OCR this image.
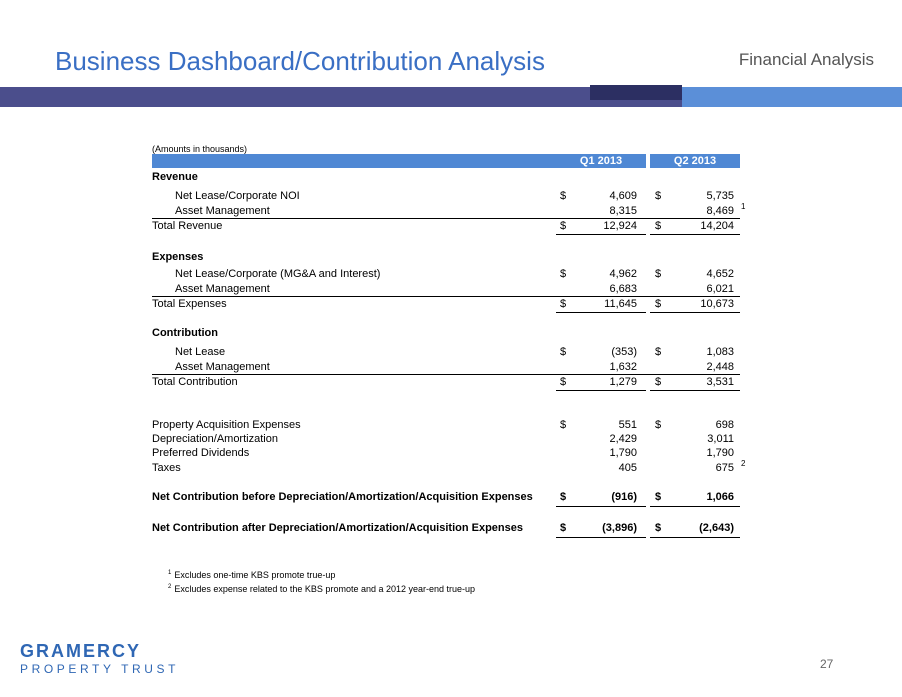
Business Dashboard/Contribution Analysis	Financial Analysis
(Amounts in thousands)
Q1 2013	Q2 2013
Revenue
Net Lease/Corporate NOI	$	4,609 $	5,735
Asset Management	8,315	8,469 1
Total Revenue	$	12,924 $	14,204
Expenses
Net Lease/Corporate (MG&A and Interest)	$	4,962 $	4,652
Asset Management	6,683	6,021
Total Expenses	$	11,645 $	10,673
Contribution
Net Lease	$	(353) $	1,083
Asset Management	1,632	2,448
Total Contribution	$	1,279 $	3,531
Property Acquisition Expenses	$	551 $	698
Depreciation/Amortization	2,429	3,011
Preferred Dividends	1,790	1,790
Taxes	405	675 2
Net Contribution before Depreciation/Amortization/Acquisition Expenses $	(916) $	1,066
Net Contribution after Depreciation/Amortization/Acquisition Expenses	$	(3,896) $	(2,643)
$^1$ Excludes one-time KBS promote true-up
$^2$ Excludes expense related to the KBS promote and a 2012 year-end true-up
GRAMERCY
PROPERTY TRUST	27
